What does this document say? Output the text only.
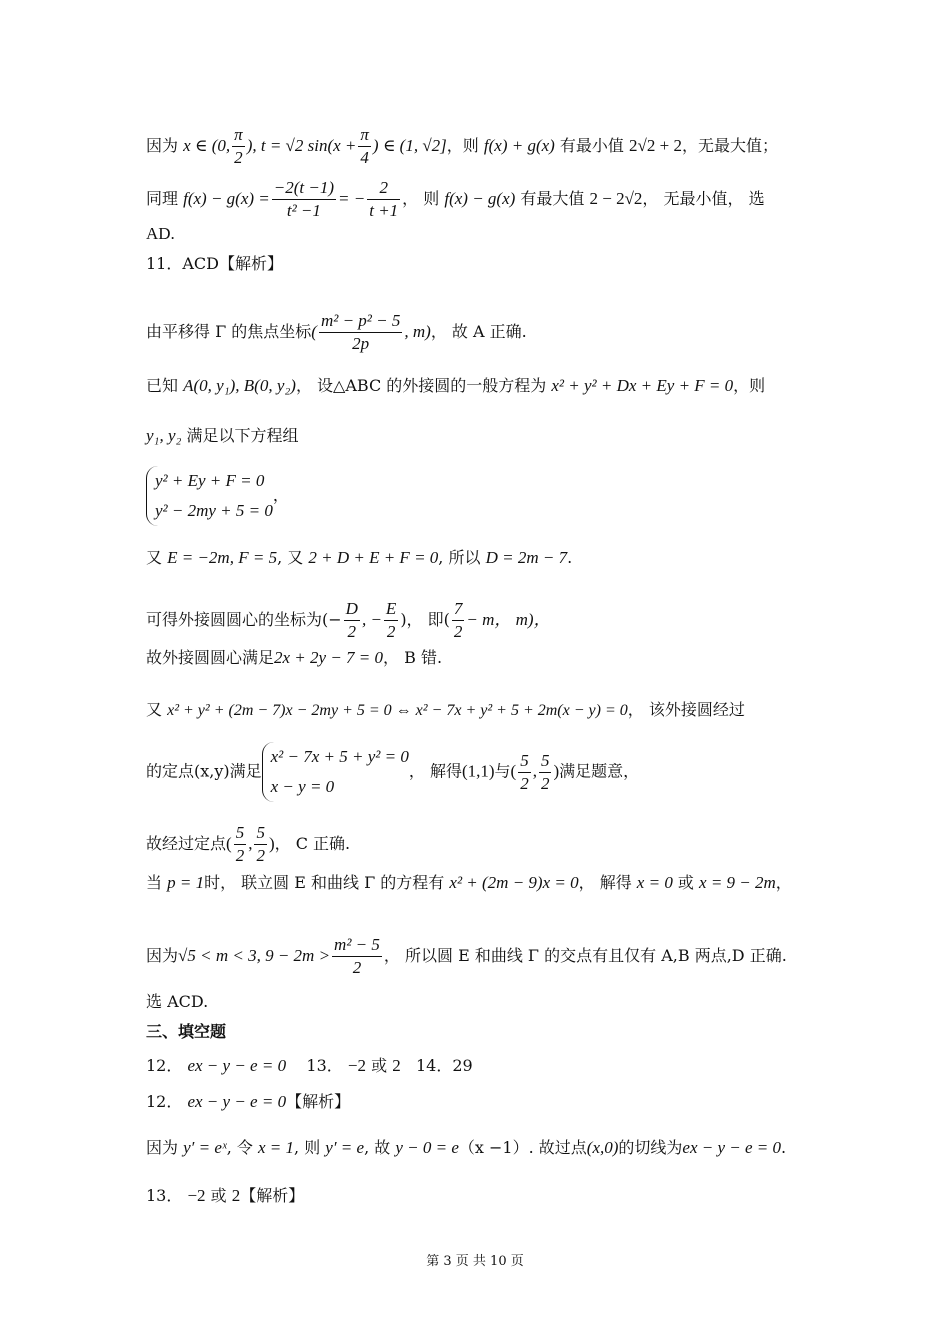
因为 x ∈ (0, $\frac{\pi}{2}$ ), t = √2 $\sin(x + \frac{\pi}{4}$ ) ∈ (1, √2]，则 f(x) + g(x) 有最小值 2√2 + 2，无最大值；
同理 $f(x) - g(x) = \frac{-2(t -1)}{\text{t² −1}}$ = − $\frac{2}{t +1}$ ， 则 f(x) − g(x) 有最大值 2 − 2√2， 无最小值， 选
AD.
11．ACD【解析】
由平移得 Γ 的焦点坐标( $\frac{\text{m² − p² − 5}}{2p}$ , m)， 故 A 正确.
已知 A(0, y₁), B(0, y₂)， 设△ABC 的外接圆的一般方程为 x² + y² + Dx + Ey + F = 0，则
y₁, y₂ 满足以下方程组
y² + Ey + F = 0
y² − 2my + 5 = 0
，
又 E = −2m, F = 5, 又 2 + D + E + F = 0, 所以 D = 2m − 7.
可得外接圆圆心的坐标为(− $\frac{D}{2}$ , − $\frac{E}{2}$ )， 即( $\frac{7}{2} - m$， m)，
故外接圆圆心满足2x + 2y − 7 = 0， B 错.
又 x² + y² + (2m − 7)x − 2my + 5 = 0 ⇔ x² − 7x + y² + 5 + 2m(x − y) = 0， 该外接圆经过
的定点(x,y)满足
x² − 7x + 5 + y² = 0
x − y = 0
， 解得(1,1)与( $\frac{5}{2}$ , $\frac{5}{2}$ )满足题意，
故经过定点( $\frac{5}{2}$ , $\frac{5}{2}$ )， C 正确.
当 p = 1时， 联立圆 E 和曲线 Γ 的方程有 x² + (2m − 9)x = 0， 解得 x = 0 或 x = 9 − 2m，
因为√5 < m < 3, $9 - 2m > \frac{\text{m² − 5}}{2}$ ， 所以圆 E 和曲线 Γ 的交点有且仅有 A,B 两点,D 正确.
选 ACD.
三、填空题
12． ex − y − e = 0 13． −2 或 2 14．29
12． ex − y − e = 0【解析】
因为 y′ = eˣ, 令 x = 1, 则 y′ = e, 故 y − 0 = e（x −1）. 故过点(x,0)的切线为ex − y − e = 0.
13． −2 或 2【解析】
第 3 页 共 10 页
